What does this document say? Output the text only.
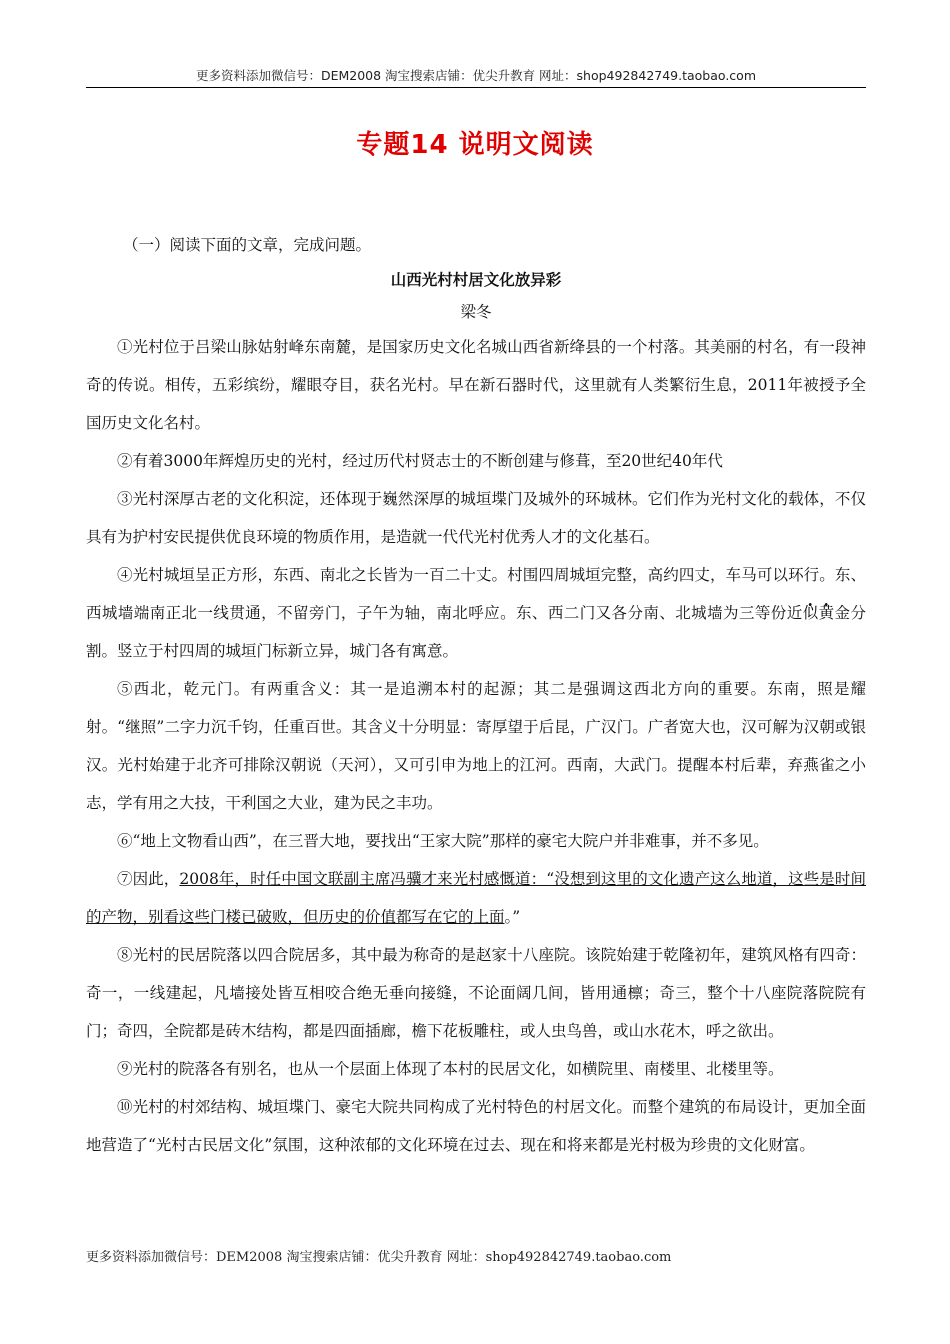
更多资料添加微信号：DEM2008 淘宝搜索店铺：优尖升教育 网址：shop492842749.taobao.com
专题14 说明文阅读

（一）阅读下面的文章，完成问题。

山西光村村居文化放异彩

梁冬

①光村位于吕梁山脉姑射峰东南麓，是国家历史文化名城山西省新绛县的一个村落。其美丽的村名，有一段神奇的传说。相传，五彩缤纷，耀眼夺目，获名光村。早在新石器时代，这里就有人类繁衍生息，2011年被授予全国历史文化名村。

②有着3000年辉煌历史的光村，经过历代村贤志士的不断创建与修葺，至20世纪40年代

③光村深厚古老的文化积淀，还体现于巍然深厚的城垣堞门及城外的环城林。它们作为光村文化的载体，不仅具有为护村安民提供优良环境的物质作用，是造就一代代光村优秀人才的文化基石。

④光村城垣呈正方形，东西、南北之长皆为一百二十丈。村围四周城垣完整，高约四丈，车马可以环行。东、西城墙端南正北一线贯通，不留旁门，子午为轴，南北呼应。东、西二门又各分南、北城墙为三等份近似黄金分割。竖立于村四周的城垣门标新立异，城门各有寓意。

⑤西北，乾元门。有两重含义：其一是追溯本村的起源；其二是强调这西北方向的重要。东南，照是耀射。“继照”二字力沉千钧，任重百世。其含义十分明显：寄厚望于后昆，广汉门。广者宽大也，汉可解为汉朝或银汉。光村始建于北齐可排除汉朝说（天河），又可引申为地上的江河。西南，大武门。提醒本村后辈，弃燕雀之小志，学有用之大技，干利国之大业，建为民之丰功。

⑥“地上文物看山西”，在三晋大地，要找出“王家大院”那样的豪宅大院户并非难事，并不多见。

⑦因此，2008年，时任中国文联副主席冯骥才来光村感慨道：“没想到这里的文化遗产这么地道，这些是时间的产物，别看这些门楼已破败，但历史的价值都写在它的上面。”

⑧光村的民居院落以四合院居多，其中最为称奇的是赵家十八座院。该院始建于乾隆初年，建筑风格有四奇：奇一，一线建起，凡墙接处皆互相咬合绝无垂向接缝，不论面阔几间，皆用通檩；奇三，整个十八座院落院院有门；奇四，全院都是砖木结构，都是四面插廊，檐下花板雕柱，或人虫鸟兽，或山水花木，呼之欲出。

⑨光村的院落各有别名，也从一个层面上体现了本村的民居文化，如横院里、南楼里、北楼里等。

⑩光村的村郊结构、城垣堞门、豪宅大院共同构成了光村特色的村居文化。而整个建筑的布局设计，更加全面地营造了“光村古民居文化”氛围，这种浓郁的文化环境在过去、现在和将来都是光村极为珍贵的文化财富。

更多资料添加微信号：DEM2008 淘宝搜索店铺：优尖升教育 网址：shop492842749.taobao.com
